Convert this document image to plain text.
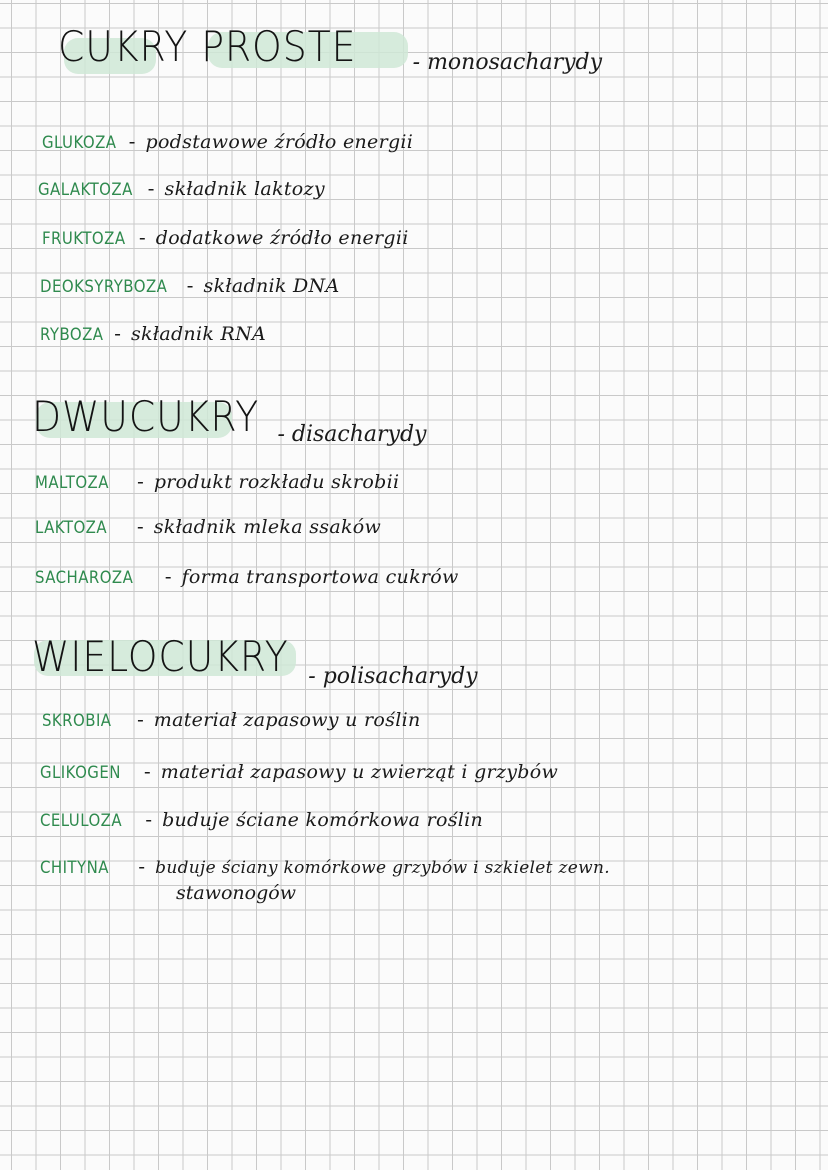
CUKRY PROSTE	- monosacharydy
GLUKOZA - podstawowe źródło energii
GALAKTOZA - składnik laktozy
FRUKTOZA - dodatkowe źródło energii
DEOKSYRYBOZA - składnik DNA
RYBOZA - składnik RNA
DWUCUKRY - disacharydy
MALTOZA - produkt rozkładu skrobii
LAKTOZA - składnik mleka ssaków
SACHAROZA - forma transportowa cukrów
WIELOCUKRY - polisacharydy
SKROBIA - materiał zapasowy u roślin
GLIKOGEN - materiał zapasowy u zwierząt i grzybów
CELULOZA - buduje ściane komórkowa roślin
CHITYNA - buduje ściany komórkowe grzybów i szkielet zewn.
stawonogów
